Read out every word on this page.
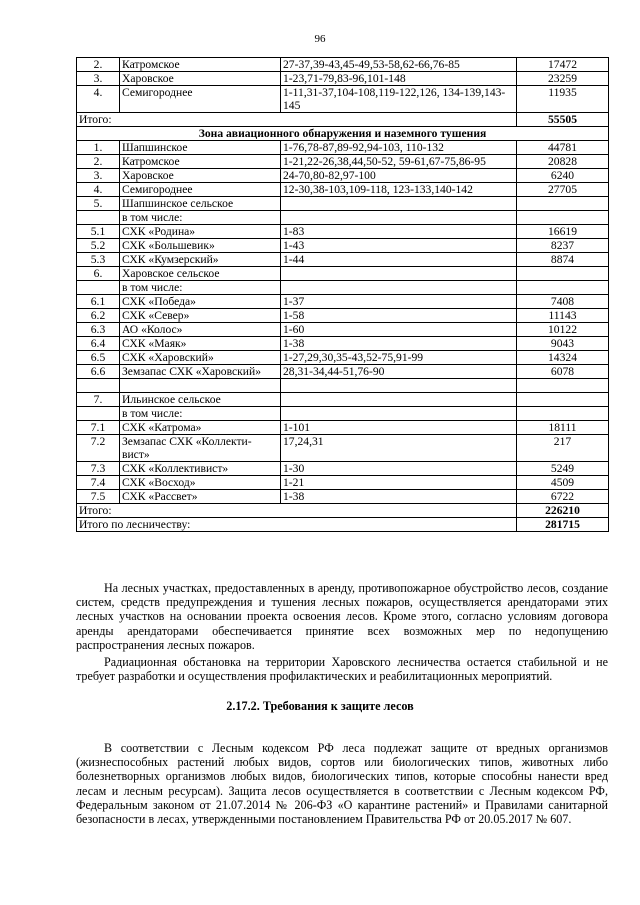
96
2.	Катромское	27-37,39-43,45-49,53-58,62-66,76-85	17472
3.	Харовское	1-23,71-79,83-96,101-148	23259
4.	Семигороднее	1-11,31-37,104-108,119-122,126, 134-139,143-145	11935
Итого:			55505
Зона авиационного обнаружения и наземного тушения			
1.	Шапшинское	1-76,78-87,89-92,94-103, 110-132	44781
2.	Катромское	1-21,22-26,38,44,50-52, 59-61,67-75,86-95	20828
3.	Харовское	24-70,80-82,97-100	6240
4.	Семигороднее	12-30,38-103,109-118, 123-133,140-142	27705
5.	Шапшинское сельское		
	в том числе:		
5.1	СХК «Родина»	1-83	16619
5.2	СХК «Большевик»	1-43	8237
5.3	СХК «Кумзерский»	1-44	8874
6.	Харовское сельское		
	в том числе:		
6.1	СХК «Победа»	1-37	7408
6.2	СХК «Север»	1-58	11143
6.3	АО «Колос»	1-60	10122
6.4	СХК «Маяк»	1-38	9043
6.5	СХК «Харовский»	1-27,29,30,35-43,52-75,91-99	14324
6.6	Земзапас СХК «Харовский»	28,31-34,44-51,76-90	6078

7.	Ильинское сельское		
	в том числе:		
7.1	СХК «Катрома»	1-101	18111
7.2	Земзапас СХК «Коллекти-вист»	17,24,31	217
7.3	СХК «Коллективист»	1-30	5249
7.4	СХК «Восход»	1-21	4509
7.5	СХК «Рассвет»	1-38	6722
Итого:			226210
Итого по лесничеству:			281715

На лесных участках, предоставленных в аренду, противопожарное обустройство лесов, создание систем, средств предупреждения и тушения лесных пожаров, осуществляется арендаторами этих лесных участков на основании проекта освоения лесов. Кроме этого, согласно условиям договора аренды арендаторами обеспечивается принятие всех возможных мер по недопущению распространения лесных пожаров.

Радиационная обстановка на территории Харовского лесничества остается стабильной и не требует разработки и осуществления профилактических и реабилитационных мероприятий.

2.17.2. Требования к защите лесов

В соответствии с Лесным кодексом РФ леса подлежат защите от вредных организмов (жизнеспособных растений любых видов, сортов или биологических типов, животных либо болезнетворных организмов любых видов, биологических типов, которые способны нанести вред лесам и лесным ресурсам). Защита лесов осуществляется в соответствии с Лесным кодексом РФ, Федеральным законом от 21.07.2014 № 206-ФЗ «О карантине растений» и Правилами санитарной безопасности в лесах, утвержденными постановлением Правительства РФ от 20.05.2017 № 607.
